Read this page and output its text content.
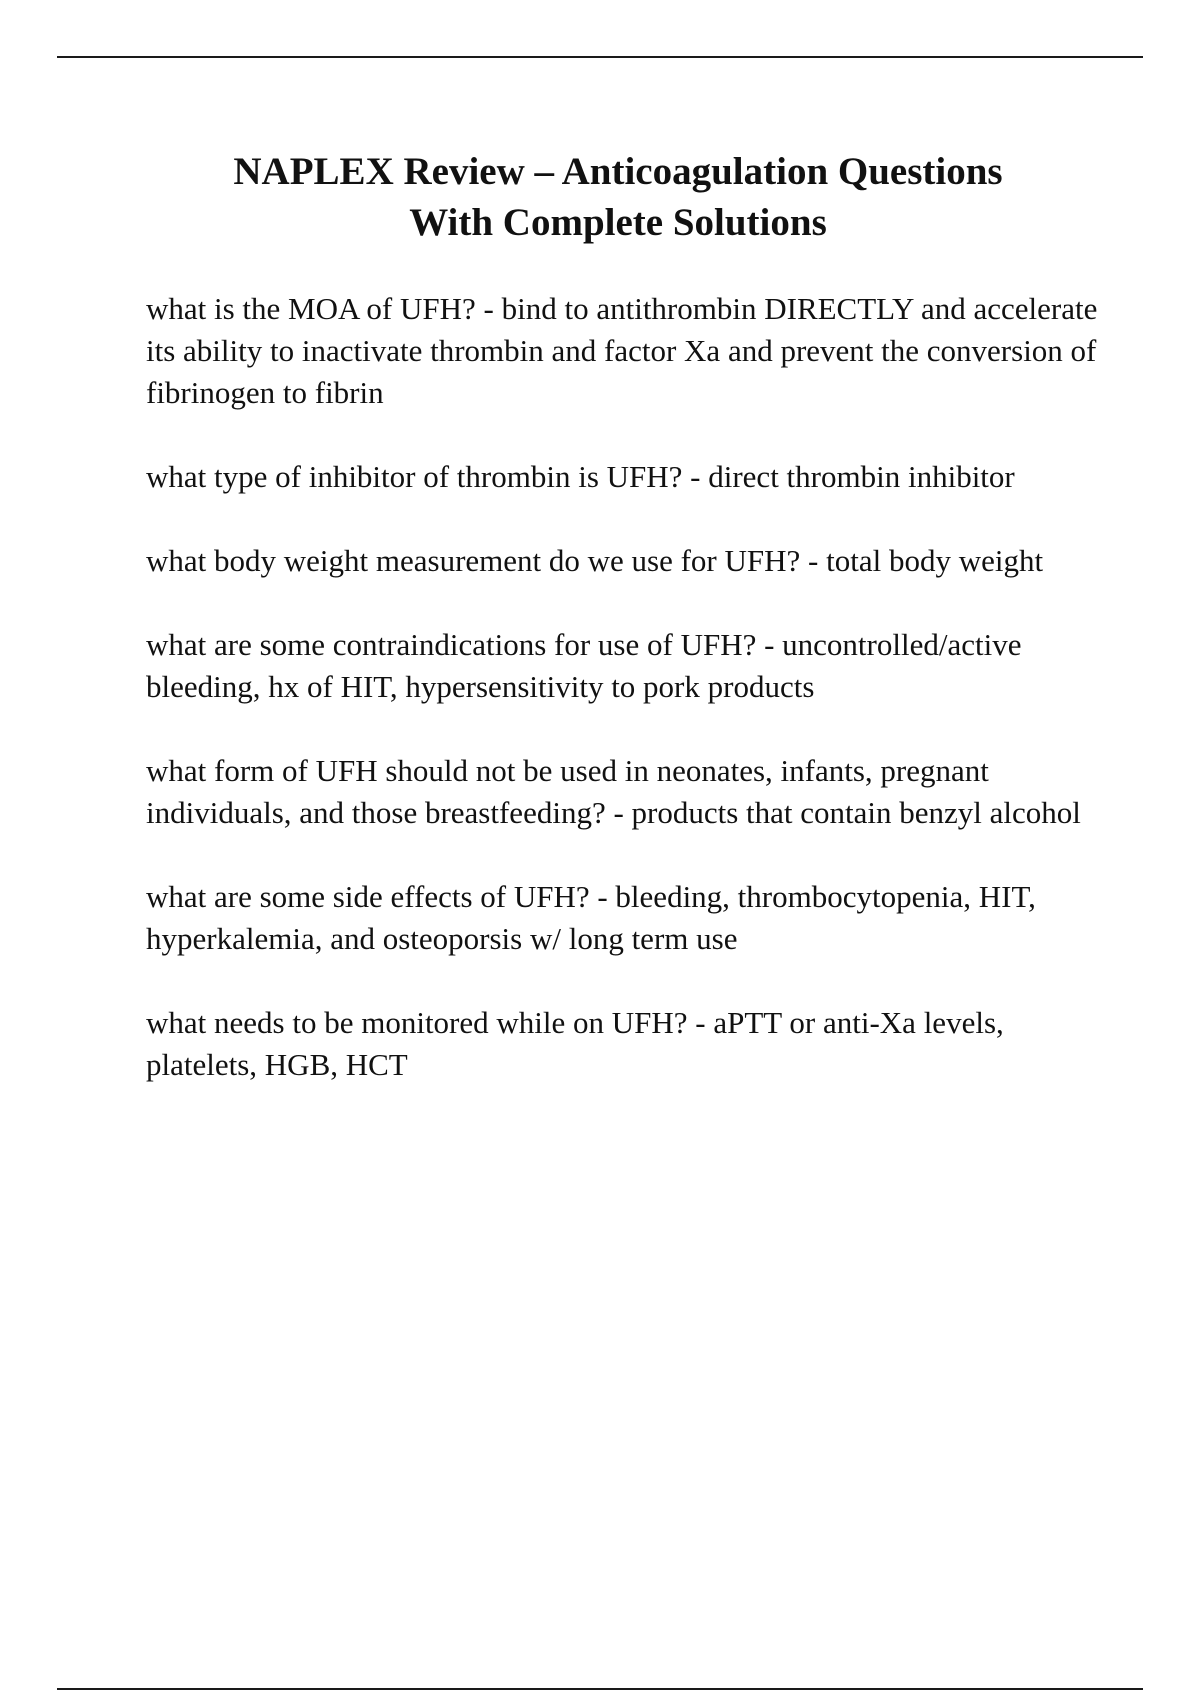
NAPLEX Review – Anticoagulation Questions
With Complete Solutions
what is the MOA of UFH? - bind to antithrombin DIRECTLY and accelerate its ability to inactivate thrombin and factor Xa and prevent the conversion of fibrinogen to fibrin
what type of inhibitor of thrombin is UFH? - direct thrombin inhibitor
what body weight measurement do we use for UFH? - total body weight
what are some contraindications for use of UFH? - uncontrolled/active bleeding, hx of HIT, hypersensitivity to pork products
what form of UFH should not be used in neonates, infants, pregnant individuals, and those breastfeeding? - products that contain benzyl alcohol
what are some side effects of UFH? - bleeding, thrombocytopenia, HIT, hyperkalemia, and osteoporsis w/ long term use
what needs to be monitored while on UFH? - aPTT or anti-Xa levels, platelets, HGB, HCT
